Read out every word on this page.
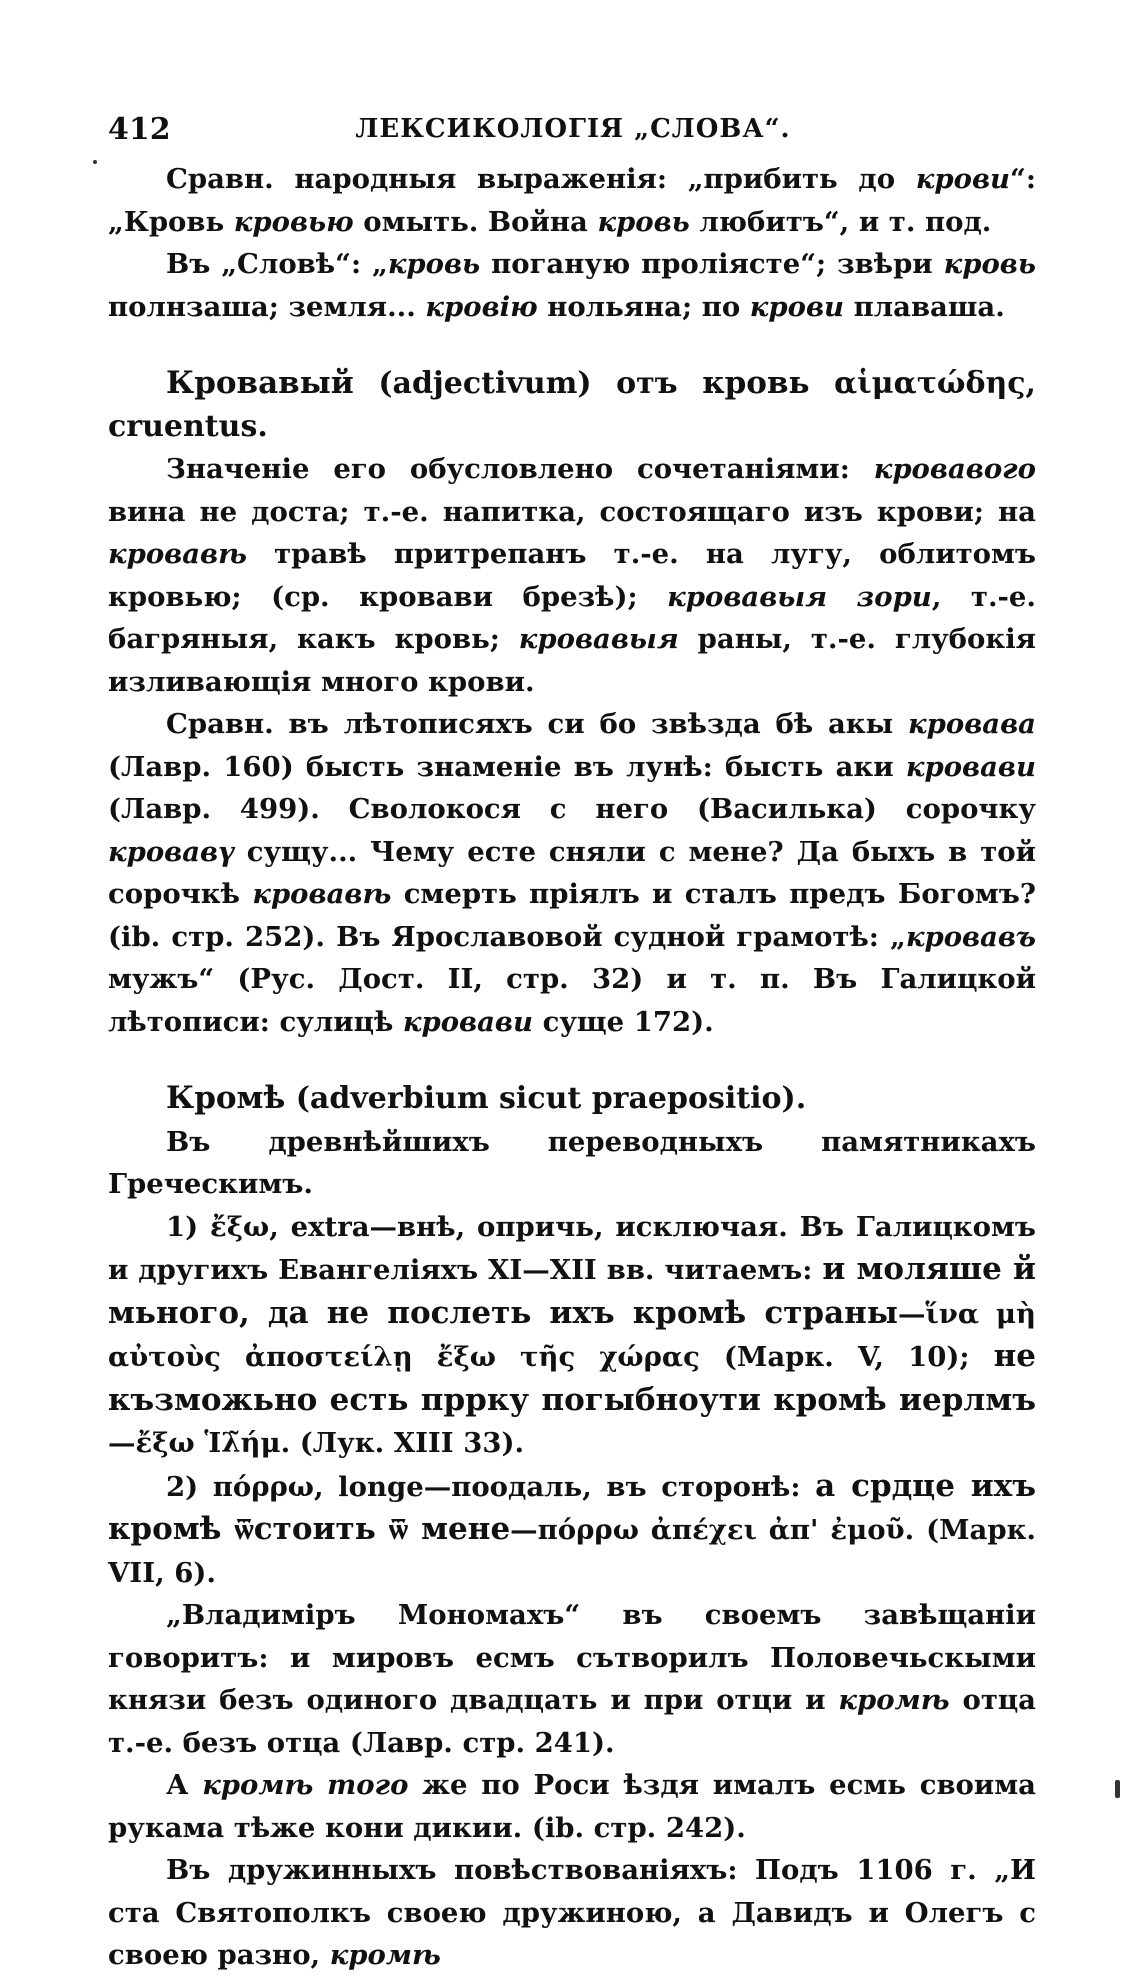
412	ЛЕКСИКОЛОГІЯ „СЛОВА“.

Сравн. народныя выраженія: „прибить до крови“: „Кровь кровью омыть. Война кровь любитъ“, и т. под.

Въ „Словѣ“: „кровь поганую проліясте“; звѣри кровь полнзаша; земля... кровію нольяна; по крови плаваша.

Кровавый (adjectivum) отъ кровь αἱματώδης, cruentus.

Значеніе его обусловлено сочетаніями: кровавого вина не доста; т.-е. напитка, состоящаго изъ крови; на кровавѣ травѣ притрепанъ т.-е. на лугу, облитомъ кровью; (ср. кровави брезѣ); кровавыя зори, т.-е. багряныя, какъ кровь; кровавыя раны, т.-е. глубокія изливающія много крови.

Сравн. въ лѣтописяхъ си бо звѣзда бѣ акы кровава (Лавр. 160) бысть знаменіе въ лунѣ: бысть аки кровави (Лавр. 499). Сволокося с него (Василька) сорочку кровавү сущу... Чему есте сняли с мене? Да быхъ в той сорочкѣ кровавѣ смерть прiялъ и сталъ предъ Богомъ? (ib. стр. 252). Въ Ярославовой судной грамотѣ: „кровавъ мужъ“ (Рус. Дост. II, стр. 32) и т. п. Въ Галицкой лѣтописи: сулицѣ кровави суще 172).

Кромѣ (adverbium sicut praepositio).

Въ древнѣйшихъ переводныхъ памятникахъ Греческимъ.

1) ἔξω, extra—внѣ, опричь, исключая. Въ Галицкомъ и другихъ Евангеліяхъ XI—XII вв. читаемъ: и моляше й мьного, да не послеть ихъ кромѣ страны—ἵνα μὴ αὐτοὺς ἀποστείλῃ ἔξω τῆς χώρας (Марк. V, 10); не къзможьно есть пррку погыбноути кромѣ иерлмъ—ἔξω Ἱλ̃ήμ. (Лук. XIII 33).

2) πόρρω, longe—поодаль, въ сторонѣ: а срдце ихъ кромѣ ѿстоить ѿ мене—πόρρω ἀπέχει ἀπ' ἐμοῦ. (Марк. VII, 6).

„Владиміръ Мономахъ“ въ своемъ завѣщаніи говоритъ: и мировъ есмъ сътворилъ Половечьскыми князи безъ одиного двадцать и при отци и кромѣ отца т.-е. безъ отца (Лавр. стр. 241).

А кромѣ того же по Роси ѣздя ималъ есмь своима рукама тѣже кони дикии. (ib. стр. 242).

Въ дружинныхъ повѣствованіяхъ: Подъ 1106 г. „И ста Святополкъ своею дружиною, а Давидъ и Олегъ с своею разно, кромѣ
